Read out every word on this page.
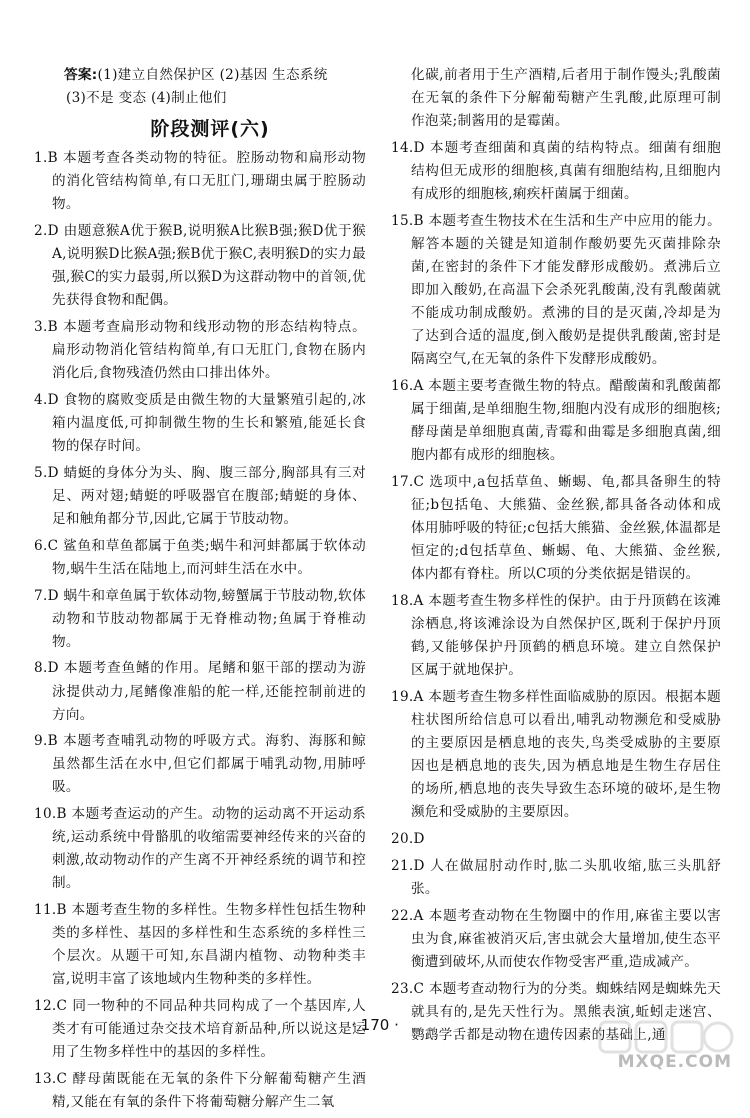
答案:(1)建立自然保护区 (2)基因 生态系统
(3)不是 变态 (4)制止他们
阶段测评(六)
1.B 本题考查各类动物的特征。腔肠动物和扁形动物的消化管结构简单,有口无肛门,珊瑚虫属于腔肠动物。
2.D 由题意猴A优于猴B,说明猴A比猴B强;猴D优于猴A,说明猴D比猴A强;猴B优于猴C,表明猴D的实力最强,猴C的实力最弱,所以猴D为这群动物中的首领,优先获得食物和配偶。
3.B 本题考查扁形动物和线形动物的形态结构特点。扁形动物消化管结构简单,有口无肛门,食物在肠内消化后,食物残渣仍然由口排出体外。
4.D 食物的腐败变质是由微生物的大量繁殖引起的,冰箱内温度低,可抑制微生物的生长和繁殖,能延长食物的保存时间。
5.D 蜻蜓的身体分为头、胸、腹三部分,胸部具有三对足、两对翅;蜻蜓的呼吸器官在腹部;蜻蜓的身体、足和触角都分节,因此,它属于节肢动物。
6.C 鲨鱼和草鱼都属于鱼类;蜗牛和河蚌都属于软体动物,蜗牛生活在陆地上,而河蚌生活在水中。
7.D 蜗牛和章鱼属于软体动物,螃蟹属于节肢动物,软体动物和节肢动物都属于无脊椎动物;鱼属于脊椎动物。
8.D 本题考查鱼鳍的作用。尾鳍和躯干部的摆动为游泳提供动力,尾鳍像准船的舵一样,还能控制前进的方向。
9.B 本题考查哺乳动物的呼吸方式。海豹、海豚和鲸虽然都生活在水中,但它们都属于哺乳动物,用肺呼吸。
10.B 本题考查运动的产生。动物的运动离不开运动系统,运动系统中骨骼肌的收缩需要神经传来的兴奋的刺激,故动物动作的产生离不开神经系统的调节和控制。
11.B 本题考查生物的多样性。生物多样性包括生物种类的多样性、基因的多样性和生态系统的多样性三个层次。从题干可知,东昌湖内植物、动物种类丰富,说明丰富了该地域内生物种类的多样性。
12.C 同一物种的不同品种共同构成了一个基因库,人类才有可能通过杂交技术培育新品种,所以说这是运用了生物多样性中的基因的多样性。
13.C 酵母菌既能在无氧的条件下分解葡萄糖产生酒精,又能在有氧的条件下将葡萄糖分解产生二氧
化碳,前者用于生产酒精,后者用于制作馒头;乳酸菌在无氧的条件下分解葡萄糖产生乳酸,此原理可制作泡菜;制酱用的是霉菌。
14.D 本题考查细菌和真菌的结构特点。细菌有细胞结构但无成形的细胞核,真菌有细胞结构,且细胞内有成形的细胞核,痢疾杆菌属于细菌。
15.B 本题考查生物技术在生活和生产中应用的能力。解答本题的关键是知道制作酸奶要先灭菌排除杂菌,在密封的条件下才能发酵形成酸奶。煮沸后立即加入酸奶,在高温下会杀死乳酸菌,没有乳酸菌就不能成功制成酸奶。煮沸的目的是灭菌,冷却是为了达到合适的温度,倒入酸奶是提供乳酸菌,密封是隔离空气,在无氧的条件下发酵形成酸奶。
16.A 本题主要考查微生物的特点。醋酸菌和乳酸菌都属于细菌,是单细胞生物,细胞内没有成形的细胞核;酵母菌是单细胞真菌,青霉和曲霉是多细胞真菌,细胞内都有成形的细胞核。
17.C 选项中,a包括草鱼、蜥蜴、龟,都具备卵生的特征;b包括龟、大熊猫、金丝猴,都具备各动体和成体用肺呼吸的特征;c包括大熊猫、金丝猴,体温都是恒定的;d包括草鱼、蜥蜴、龟、大熊猫、金丝猴,体内都有脊柱。所以C项的分类依据是错误的。
18.A 本题考查生物多样性的保护。由于丹顶鹤在该滩涂栖息,将该滩涂设为自然保护区,既利于保护丹顶鹤,又能够保护丹顶鹤的栖息环境。建立自然保护区属于就地保护。
19.A 本题考查生物多样性面临威胁的原因。根据本题柱状图所给信息可以看出,哺乳动物濒危和受威胁的主要原因是栖息地的丧失,鸟类受威胁的主要原因也是栖息地的丧失,因为栖息地是生物生存居住的场所,栖息地的丧失导致生态环境的破坏,是生物濒危和受威胁的主要原因。
20.D
21.D 人在做屈肘动作时,肱二头肌收缩,肱三头肌舒张。
22.A 本题考查动物在生物圈中的作用,麻雀主要以害虫为食,麻雀被消灭后,害虫就会大量增加,使生态平衡遭到破坏,从而使农作物受害严重,造成减产。
23.C 本题考查动物行为的分类。蜘蛛结网是蜘蛛先天就具有的,是先天性行为。黑熊表演,蚯蚓走迷宫、鹦鹉学舌都是动物在遗传因素的基础上,通
· 170 ·
MXQE.COM
